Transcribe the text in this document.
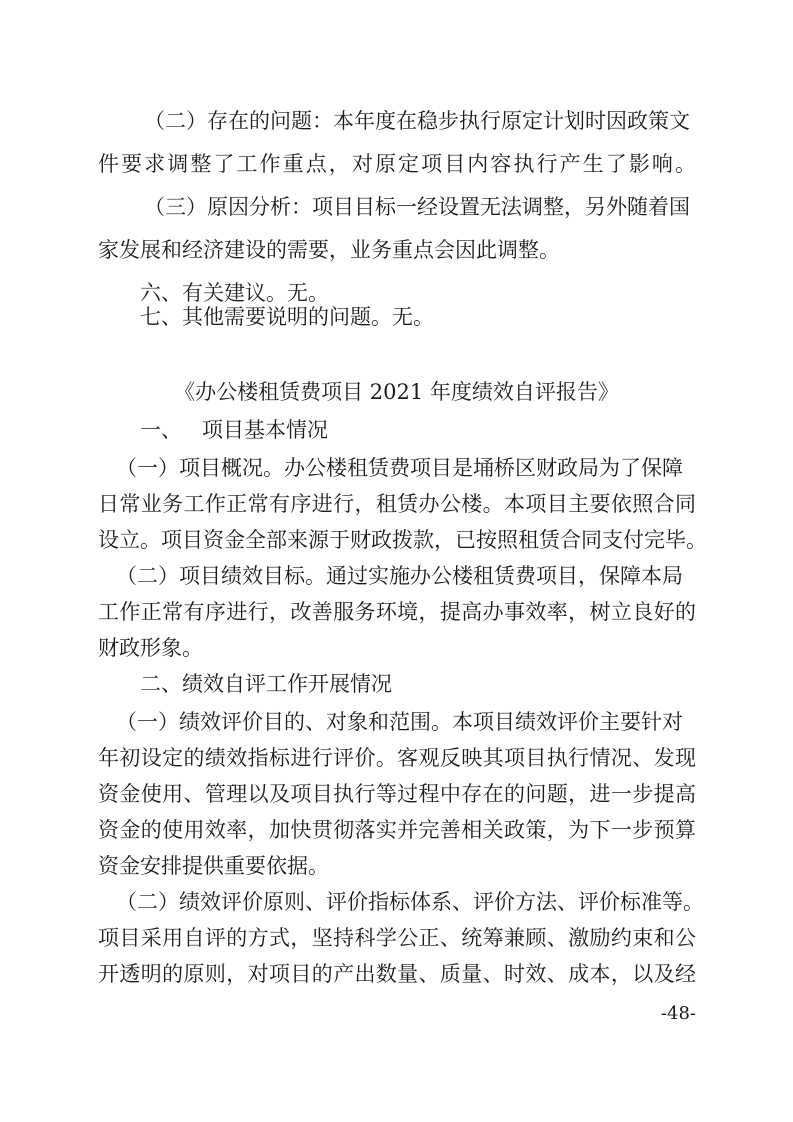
（二）存在的问题：本年度在稳步执行原定计划时因政策文
件要求调整了工作重点，对原定项目内容执行产生了影响。
（三）原因分析：项目目标一经设置无法调整，另外随着国
家发展和经济建设的需要，业务重点会因此调整。
六、有关建议。无。
七、其他需要说明的问题。无。
《办公楼租赁费项目 2021 年度绩效自评报告》
一、   项目基本情况
（一）项目概况。办公楼租赁费项目是埇桥区财政局为了保障
日常业务工作正常有序进行，租赁办公楼。本项目主要依照合同
设立。项目资金全部来源于财政拨款，已按照租赁合同支付完毕。
（二）项目绩效目标。通过实施办公楼租赁费项目，保障本局
工作正常有序进行，改善服务环境，提高办事效率，树立良好的
财政形象。
二、绩效自评工作开展情况
（一）绩效评价目的、对象和范围。本项目绩效评价主要针对
年初设定的绩效指标进行评价。客观反映其项目执行情况、发现
资金使用、管理以及项目执行等过程中存在的问题，进一步提高
资金的使用效率，加快贯彻落实并完善相关政策，为下一步预算
资金安排提供重要依据。
（二）绩效评价原则、评价指标体系、评价方法、评价标准等。
项目采用自评的方式，坚持科学公正、统筹兼顾、激励约束和公
开透明的原则，对项目的产出数量、质量、时效、成本，以及经
-48-
